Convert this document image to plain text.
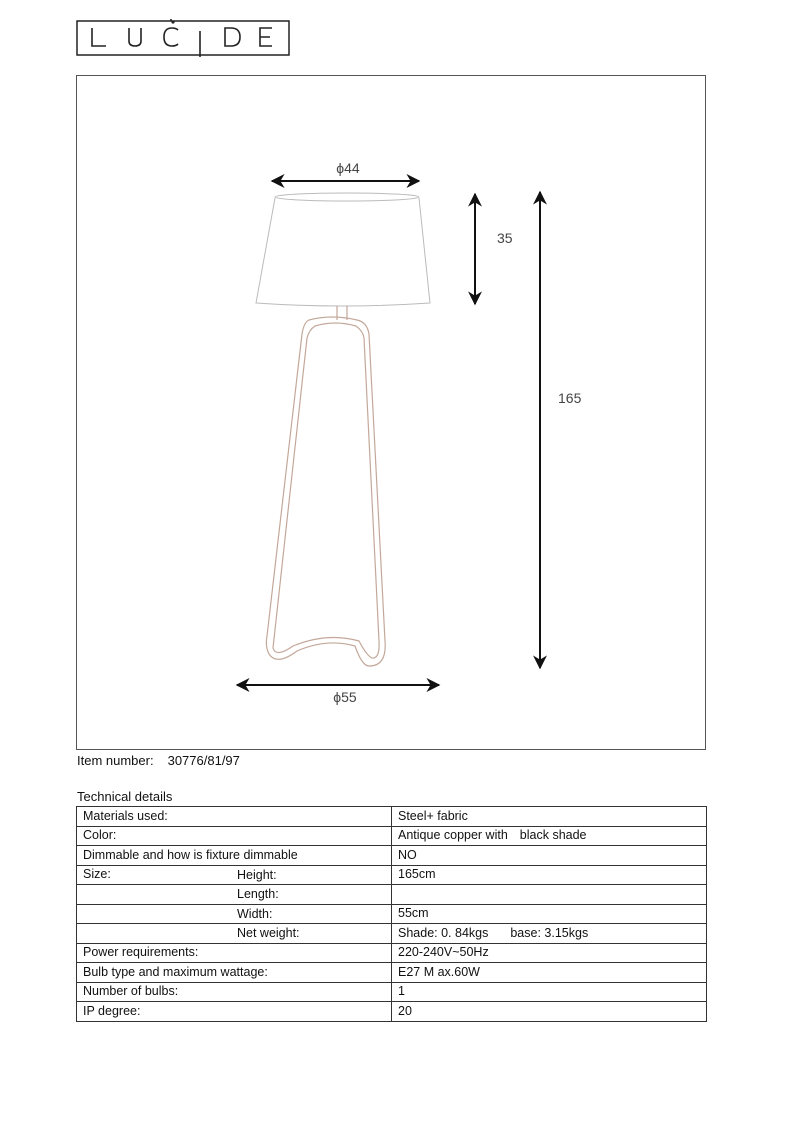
ϕ44
35
165
ϕ55
Item number: 30776/81/97
Technical details
Materials used:	Steel+ fabric
Color:	Antique copper with black shade
Dimmable and how is fixture dimmable	NO
Size: Height:	165cm

Length:	

Width:	55cm

Net weight:	Shade: 0. 84kgs base: 3.15kgs
Power requirements:	220-240V~50Hz
Bulb type and maximum wattage:	E27 M ax.60W
Number of bulbs:	1
IP degree:	20
